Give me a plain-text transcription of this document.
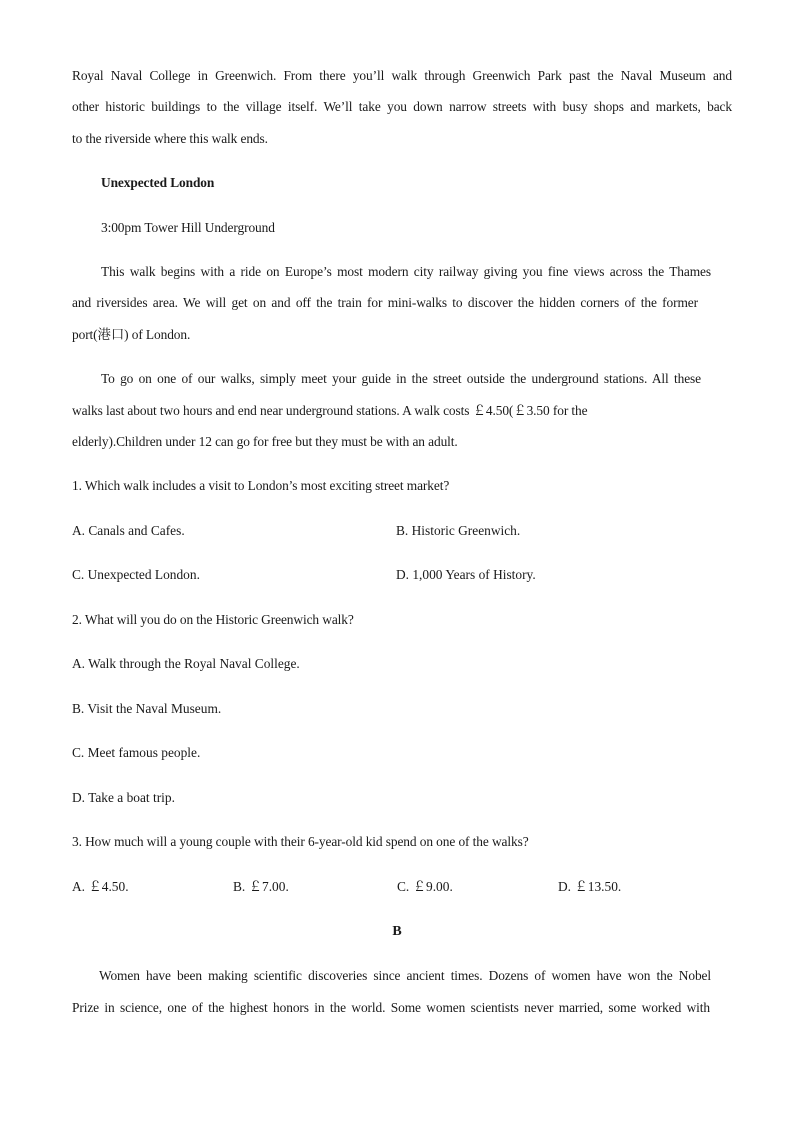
Royal Naval College in Greenwich. From there you’ll walk through Greenwich Park past the Naval Museum and
other historic buildings to the village itself. We’ll take you down narrow streets with busy shops and markets, back
to the riverside where this walk ends.
Unexpected London
3:00pm Tower Hill Underground
This walk begins with a ride on Europe’s most modern city railway giving you fine views across the Thames
and riversides area. We will get on and off the train for mini-walks to discover the hidden corners of the former
port(港口) of London.
To go on one of our walks, simply meet your guide in the street outside the underground stations. All these
walks last about two hours and end near underground stations. A walk costs ￡4.50(￡3.50 for the
elderly).Children under 12 can go for free but they must be with an adult.
1. Which walk includes a visit to London’s most exciting street market?
A. Canals and Cafes.	B. Historic Greenwich.
C. Unexpected London.	D. 1,000 Years of History.
2. What will you do on the Historic Greenwich walk?
A. Walk through the Royal Naval College.
B. Visit the Naval Museum.
C. Meet famous people.
D. Take a boat trip.
3. How much will a young couple with their 6-year-old kid spend on one of the walks?
A. ￡4.50.	B. ￡7.00.	C. ￡9.00.	D. ￡13.50.
B
Women have been making scientific discoveries since ancient times. Dozens of women have won the Nobel
Prize in science, one of the highest honors in the world. Some women scientists never married, some worked with
